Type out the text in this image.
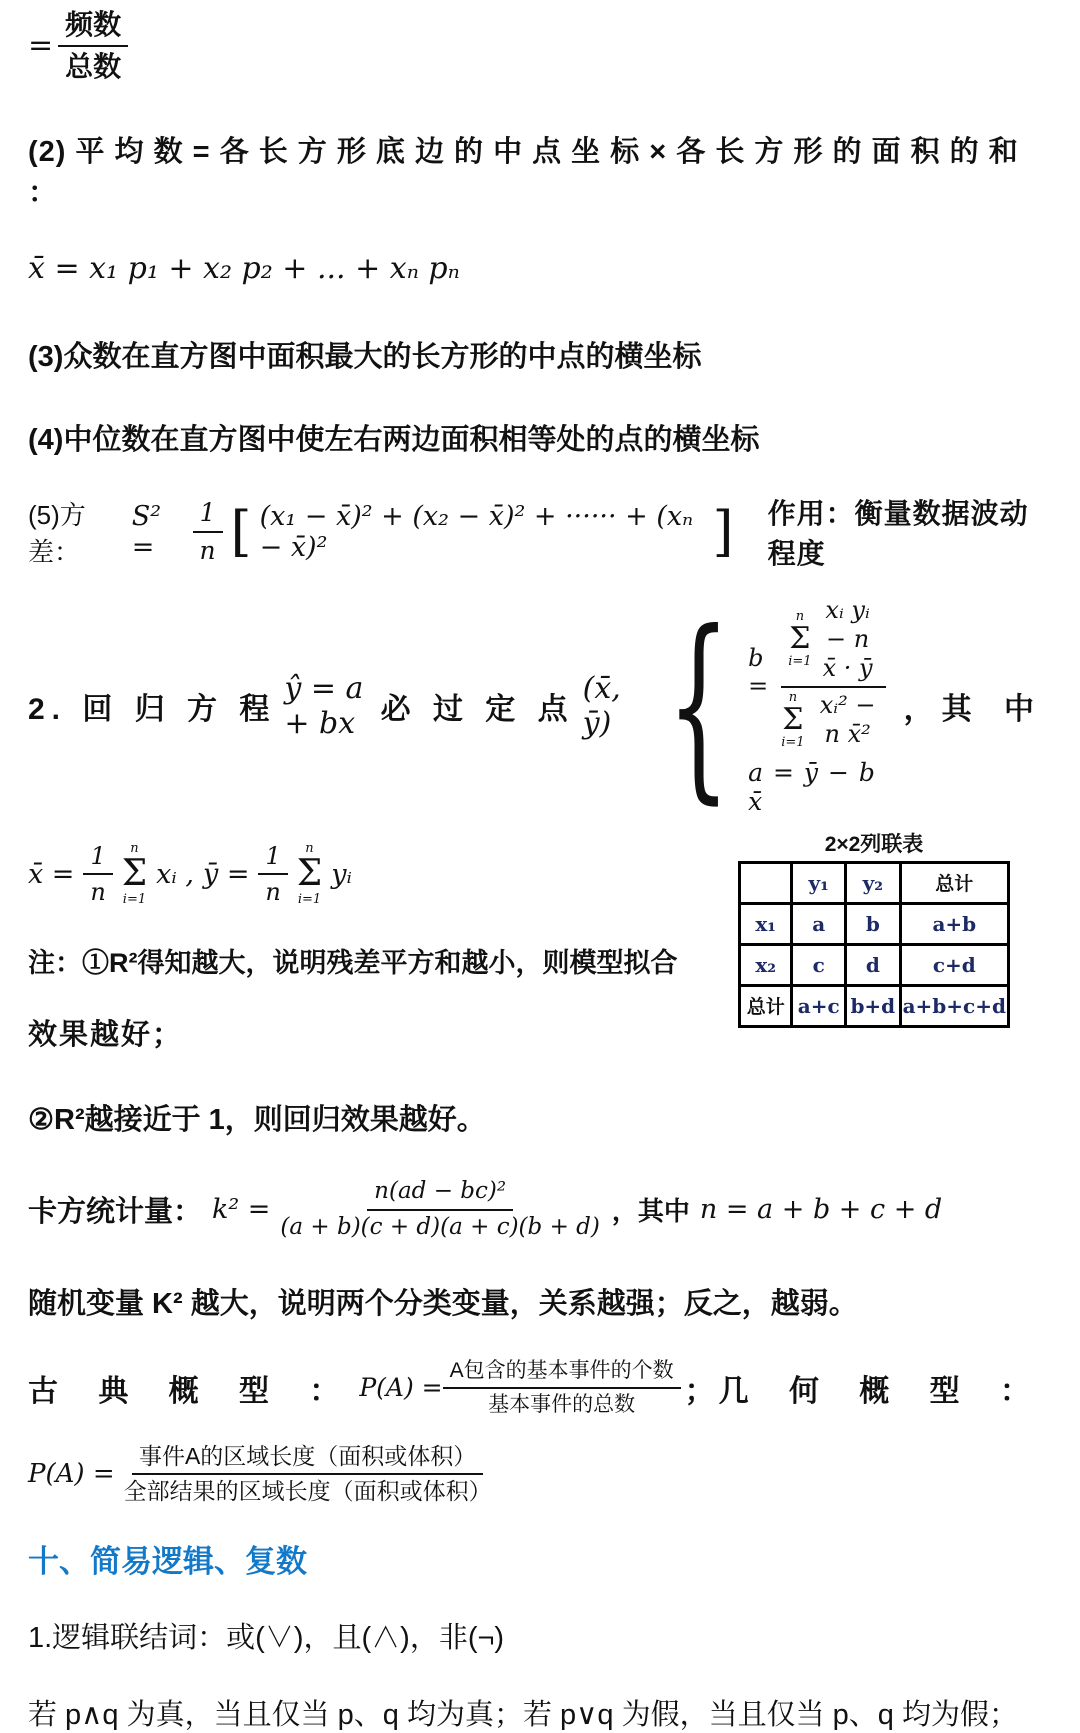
= $\frac{\text{频数}}{\text{总数}}$
(2) 平 均 数 = 各 长 方 形 底 边 的 中 点 坐 标 × 各 长 方 形 的 面 积 的 和 ：
x̄ = x₁ p₁ + x₂ p₂ + ... + xₙ pₙ
(3)众数在直方图中面积最大的长方形的中点的横坐标
(4)中位数在直方图中使左右两边面积相等处的点的横坐标
(5)方差：
S² =	$\frac{1}{n}$ [ (x₁ − x̄)² + (x₂ − x̄)² + ······ + (xₙ − x̄)²	] 作用：衡量数据波动程度
2. 回 归 方 程
ŷ = a + bx 必 过 定 点
(x̄, ȳ) { b =
n
Σ
i=1
xᵢ yᵢ − n x̄ · ȳ
n
Σ
i=1
xᵢ² − n x̄²
a = ȳ − b x̄
， 其 中
2×2列联表
	y₁	y₂	总计
x₁	a	b	a+b
x₂	c	d	c+d
总计	a+c	b+d	a+b+c+d
x̄ = $\frac{1}{n}$ n
Σ
i=1
xᵢ , ȳ = $\frac{1}{n}$ n
Σ
i=1
yᵢ
注：①R²得知越大，说明残差平方和越小，则模型拟合
效果越好；
②R²越接近于 1，则回归效果越好。
卡方统计量： $k^2 = \frac{\text{n(ad − bc)²}}{(a + b)(c + d)(a + c)(b + d)}$ ，其中 n = a + b + c + d
随机变量 K² 越大，说明两个分类变量，关系越强；反之，越弱。
古 典 概 型 ： $P(A) = \frac{\text{A包含的基本事件的个数}}{\text{基本事件的总数}}$ ； 几 何 概 型 ：
$P(A) = \frac{\text{事件A的区域长度（面积或体积）}}{\text{全部结果的区域长度（面积或体积）}}$
十、简易逻辑、复数
1.逻辑联结词：或(∨)，且(∧)，非(¬)
若 p∧q 为真，当且仅当 p、q 均为真；若 p∨q 为假，当且仅当 p、q 均为假；
